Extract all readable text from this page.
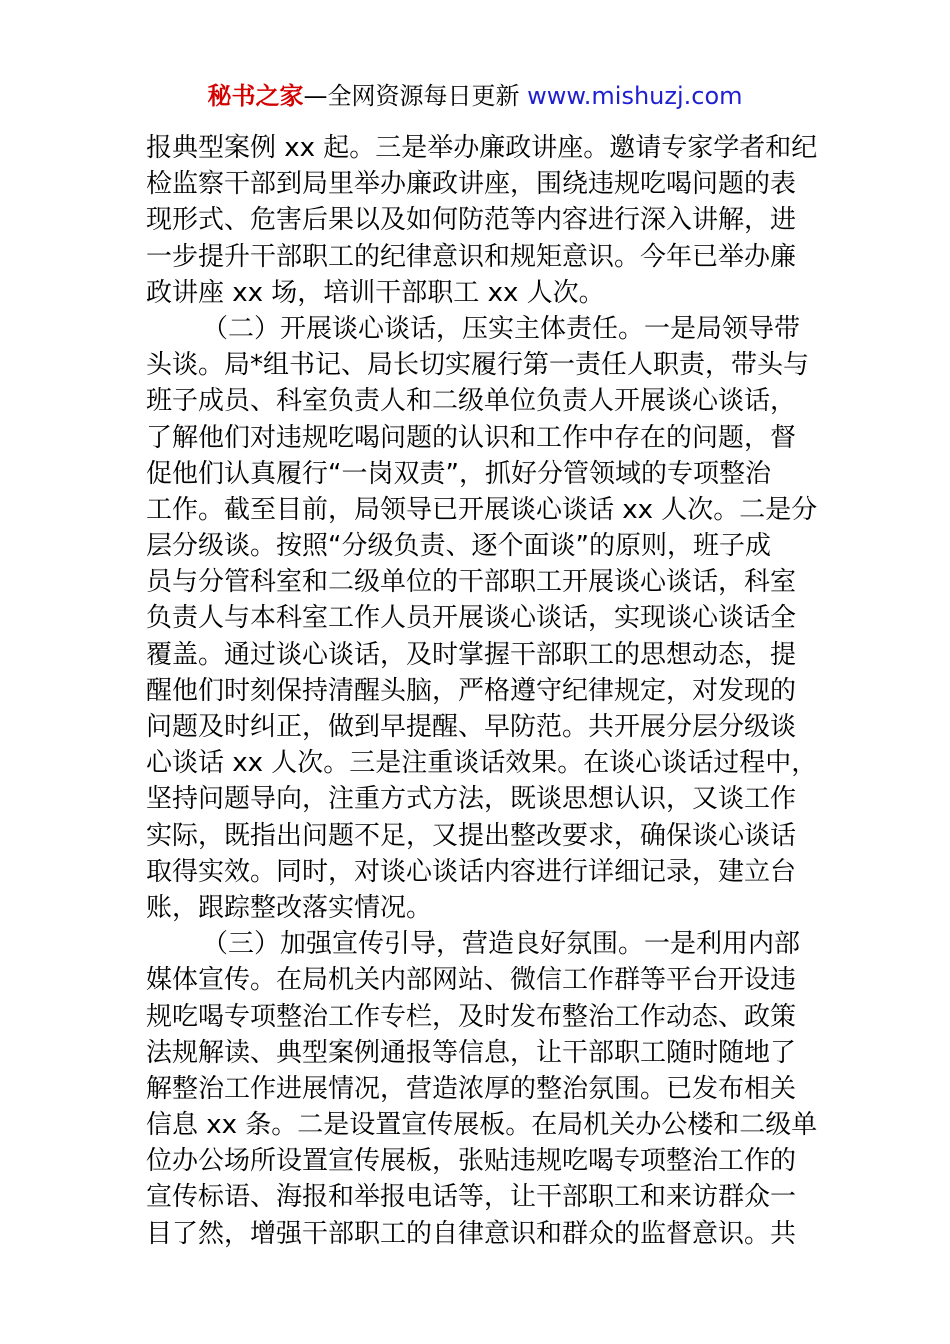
秘书之家—全网资源每日更新 www.mishuzj.com
报典型案例 xx 起。三是举办廉政讲座。邀请专家学者和纪
检监察干部到局里举办廉政讲座，围绕违规吃喝问题的表
现形式、危害后果以及如何防范等内容进行深入讲解，进
一步提升干部职工的纪律意识和规矩意识。今年已举办廉
政讲座 xx 场，培训干部职工 xx 人次。
（二）开展谈心谈话，压实主体责任。一是局领导带
头谈。局*组书记、局长切实履行第一责任人职责，带头与
班子成员、科室负责人和二级单位负责人开展谈心谈话，
了解他们对违规吃喝问题的认识和工作中存在的问题，督
促他们认真履行“一岗双责”，抓好分管领域的专项整治
工作。截至目前，局领导已开展谈心谈话 xx 人次。二是分
层分级谈。按照“分级负责、逐个面谈”的原则，班子成
员与分管科室和二级单位的干部职工开展谈心谈话，科室
负责人与本科室工作人员开展谈心谈话，实现谈心谈话全
覆盖。通过谈心谈话，及时掌握干部职工的思想动态，提
醒他们时刻保持清醒头脑，严格遵守纪律规定，对发现的
问题及时纠正，做到早提醒、早防范。共开展分层分级谈
心谈话 xx 人次。三是注重谈话效果。在谈心谈话过程中，
坚持问题导向，注重方式方法，既谈思想认识，又谈工作
实际，既指出问题不足，又提出整改要求，确保谈心谈话
取得实效。同时，对谈心谈话内容进行详细记录，建立台
账，跟踪整改落实情况。
（三）加强宣传引导，营造良好氛围。一是利用内部
媒体宣传。在局机关内部网站、微信工作群等平台开设违
规吃喝专项整治工作专栏，及时发布整治工作动态、政策
法规解读、典型案例通报等信息，让干部职工随时随地了
解整治工作进展情况，营造浓厚的整治氛围。已发布相关
信息 xx 条。二是设置宣传展板。在局机关办公楼和二级单
位办公场所设置宣传展板，张贴违规吃喝专项整治工作的
宣传标语、海报和举报电话等，让干部职工和来访群众一
目了然，增强干部职工的自律意识和群众的监督意识。共
